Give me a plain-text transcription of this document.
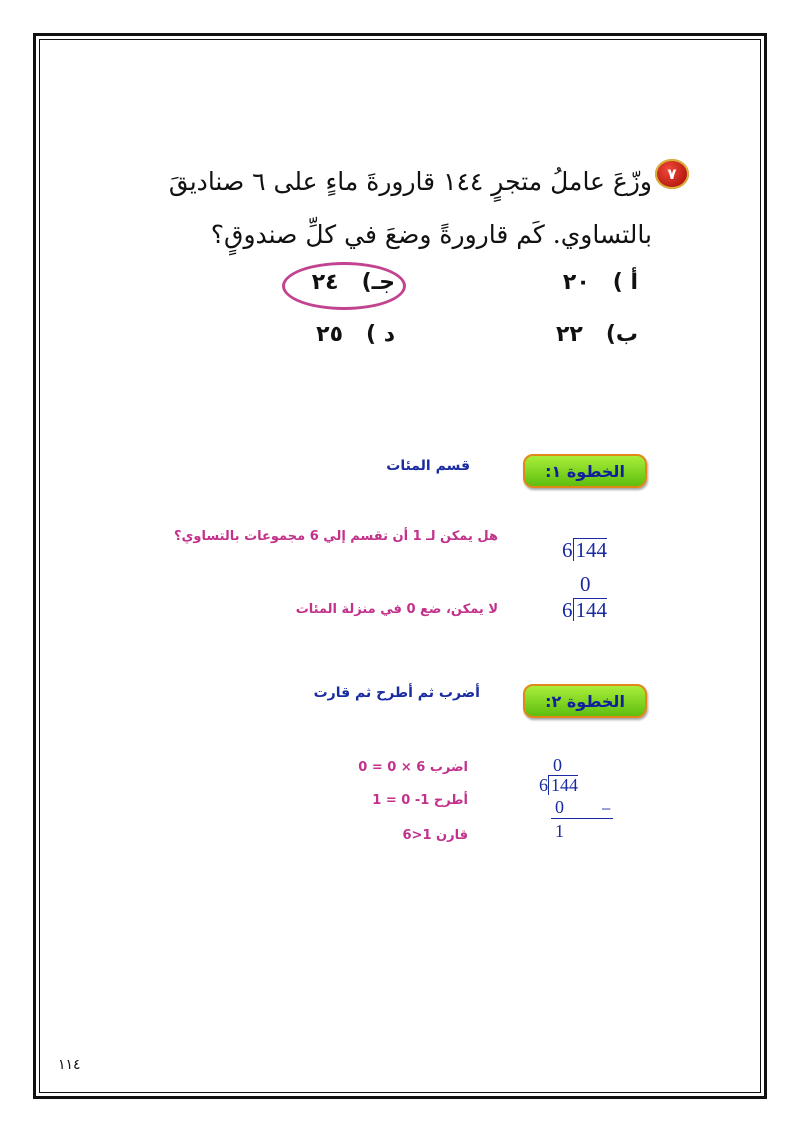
٧
وزّعَ عاملُ متجرٍ ١٤٤ قارورةَ ماءٍ على ٦ صناديقَ
بالتساوي. كَم قارورةً وضعَ في كلِّ صندوقٍ؟
أ )   ٢٠
ب)   ٢٢
جـ)   ٢٤
د )   ٢٥
الخطوة ١:
قسم المئات
هل يمكن لـ 1 أن تقسم إلي 6 مجموعات بالتساوي؟
6 144
0
6 144
لا يمكن، ضع 0 في منزلة المئات
الخطوة ٢:
أضرب ثم أطرح ثم قارت
اضرب 6 × 0 = 0
أطرح 1- 0 = 1
قارن 1<6
0
6 144
0 −
1
١١٤
